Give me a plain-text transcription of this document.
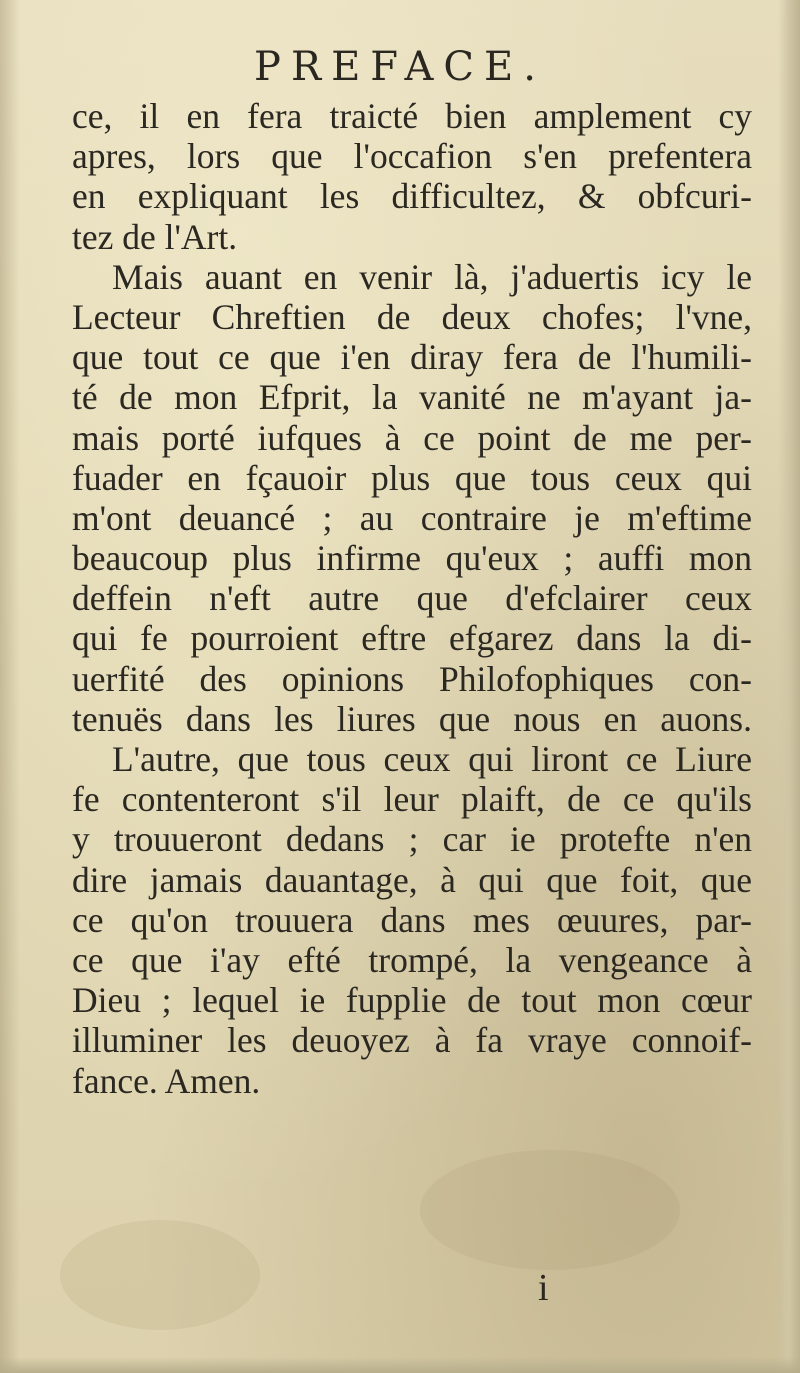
PREFACE.
ce, il en fera traicté bien amplement cy
apres, lors que l'occafion s'en prefentera
en expliquant les difficultez, & obfcuri-
tez de l'Art.
Mais auant en venir là, j'aduertis icy le
Lecteur Chreftien de deux chofes; l'vne,
que tout ce que i'en diray fera de l'humili-
té de mon Efprit, la vanité ne m'ayant ja-
mais porté iufques à ce point de me per-
fuader en fçauoir plus que tous ceux qui
m'ont deuancé ; au contraire je m'eftime
beaucoup plus infirme qu'eux ; auffi mon
deffein n'eft autre que d'efclairer ceux
qui fe pourroient eftre efgarez dans la di-
uerfité des opinions Philofophiques con-
tenuës dans les liures que nous en auons.
L'autre, que tous ceux qui liront ce Liure
fe contenteront s'il leur plaift, de ce qu'ils
y trouueront dedans ; car ie protefte n'en
dire jamais dauantage, à qui que foit, que
ce qu'on trouuera dans mes œuures, par-
ce que i'ay efté trompé, la vengeance à
Dieu ; lequel ie fupplie de tout mon cœur
illuminer les deuoyez à fa vraye connoif-
fance. Amen.
i
